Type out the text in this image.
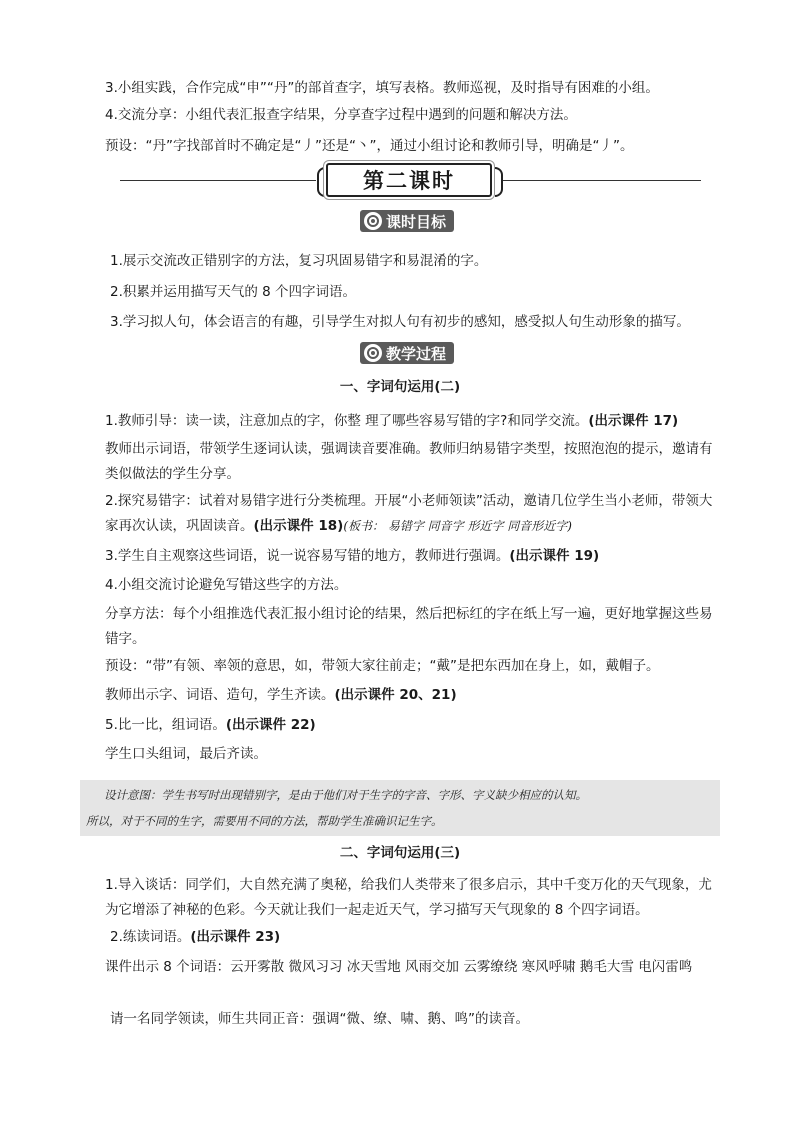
3.小组实践，合作完成“申”“丹”的部首查字，填写表格。教师巡视，及时指导有困难的小组。

4.交流分享：小组代表汇报查字结果，分享查字过程中遇到的问题和解决方法。

预设：“丹”字找部首时不确定是“丿”还是“丶”，通过小组讨论和教师引导，明确是“丿”。

第二课时
课时目标

1.展示交流改正错别字的方法，复习巩固易错字和易混淆的字。

2.积累并运用描写天气的 8 个四字词语。

3.学习拟人句，体会语言的有趣，引导学生对拟人句有初步的感知，感受拟人句生动形象的描写。

教学过程

一、字词句运用(二)

1.教师引导：读一读，注意加点的字，你整 理了哪些容易写错的字?和同学交流。(出示课件 17)

教师出示词语，带领学生逐词认读，强调读音要准确。教师归纳易错字类型，按照泡泡的提示，邀请有类似做法的学生分享。

2.探究易错字：试着对易错字进行分类梳理。开展“小老师领读”活动，邀请几位学生当小老师，带领大家再次认读，巩固读音。(出示课件 18)(板书： 易错字 同音字 形近字 同音形近字)

3.学生自主观察这些词语，说一说容易写错的地方，教师进行强调。(出示课件 19)

4.小组交流讨论避免写错这些字的方法。

分享方法：每个小组推选代表汇报小组讨论的结果，然后把标红的字在纸上写一遍，更好地掌握这些易错字。

预设：“带”有领、率领的意思，如，带领大家往前走；“戴”是把东西加在身上，如，戴帽子。

教师出示字、词语、造句，学生齐读。(出示课件 20、21)

5.比一比，组词语。(出示课件 22)

学生口头组词，最后齐读。

设计意图：学生书写时出现错别字，是由于他们对于生字的字音、字形、字义缺少相应的认知。
所以，对于不同的生字，需要用不同的方法，帮助学生准确识记生字。

二、字词句运用(三)

1.导入谈话：同学们，大自然充满了奥秘，给我们人类带来了很多启示，其中千变万化的天气现象，尤为它增添了神秘的色彩。今天就让我们一起走近天气，学习描写天气现象的 8 个四字词语。

2.练读词语。(出示课件 23)

课件出示 8 个词语：云开雾散 微风习习 冰天雪地 风雨交加 云雾缭绕 寒风呼啸 鹅毛大雪 电闪雷鸣

请一名同学领读，师生共同正音：强调“微、缭、啸、鹅、鸣”的读音。
